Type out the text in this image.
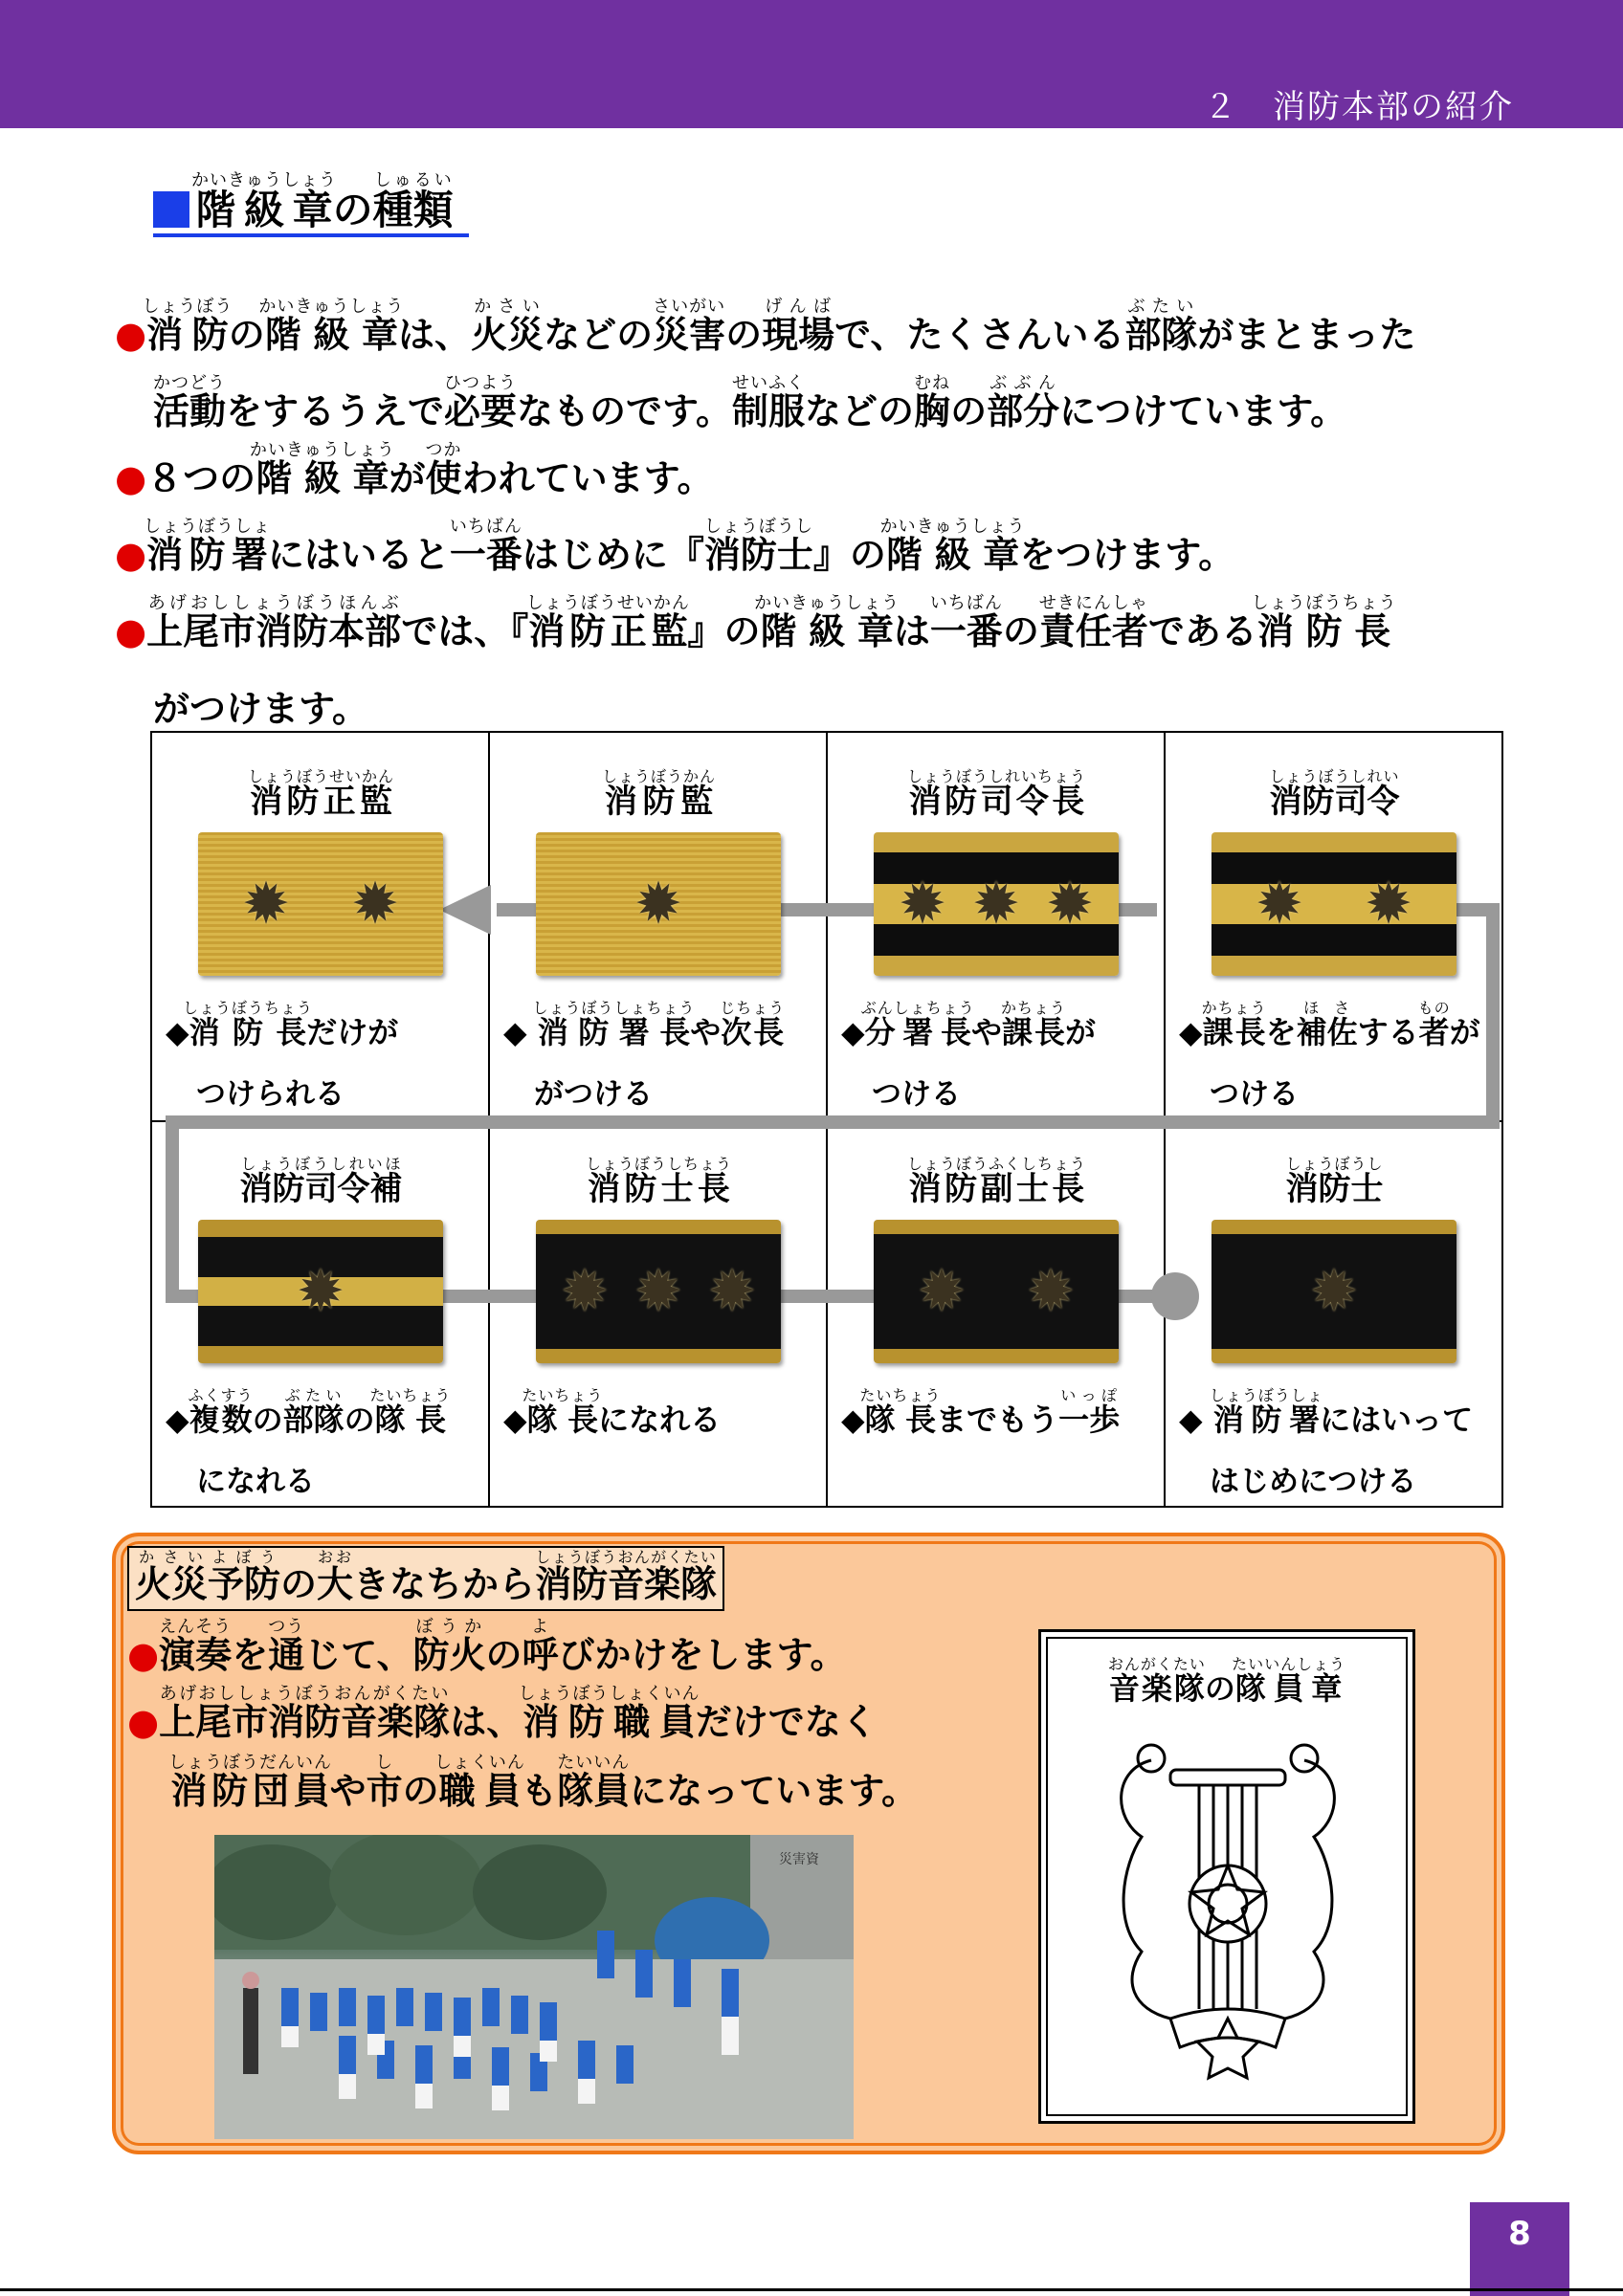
２　消防本部の紹介
階級章かいきゅうしょうの種類しゅるい
●消防しょうぼうの階級章かいきゅうしょうは、火災かさいなどの災害さいがいの現場げんばで、たくさんいる部隊ぶたいがまとまった
活動かつどうをするうえで必要ひつようなものです。制服せいふくなどの胸むねの部分ぶぶんにつけています。
●８つの階級章かいきゅうしょうが使つかわれています。
●消防署しょうぼうしょにはいると一番いちばんはじめに『消防士しょうぼうし』の階級章かいきゅうしょうをつけます。
●上尾市消防本部あげおししょうぼうほんぶでは、『消防正監しょうぼうせいかん』の階級章かいきゅうしょうは一番いちばんの責任者せきにんしゃである消防長しょうぼうちょう
がつけます。
消防正監しょうぼうせいかん
✹ ✹
◆消防長しょうぼうちょうだけが
つけられる
消防監しょうぼうかん
✹
◆ 消防署長しょうぼうしょちょうや次長じちょう
がつける
消防司令長しょうぼうしれいちょう
✹ ✹ ✹
◆分署長ぶんしょちょうや課長かちょうが
つける
消防司令しょうぼうしれい
✹ ✹
◆課長かちょうを補佐ほさする者ものが
つける
消防司令補しょうぼうしれいほ
✹
◆複数ふくすうの部隊ぶたいの隊長たいちょう
になれる
消防士長しょうぼうしちょう
✹ ✹ ✹
◆隊長たいちょうになれる
消防副士長しょうぼうふくしちょう
✹ ✹
◆隊長たいちょうまでもう一歩いっぽ
消防士しょうぼうし
✹
◆ 消防署しょうぼうしょにはいって
はじめにつける
火災予防かさいよぼうの大おおきなちから消防音楽隊しょうぼうおんがくたい
●演奏えんそうを通つうじて、防火ぼうかの呼よびかけをします。
●上尾市消防音楽隊あげおししょうぼうおんがくたいは、消防職員しょうぼうしょくいんだけでなく
消防団員しょうぼうだんいんや市しの職員しょくいんも隊員たいいんになっています。
災害資
音楽隊おんがくたいの隊員章たいいんしょう
8
